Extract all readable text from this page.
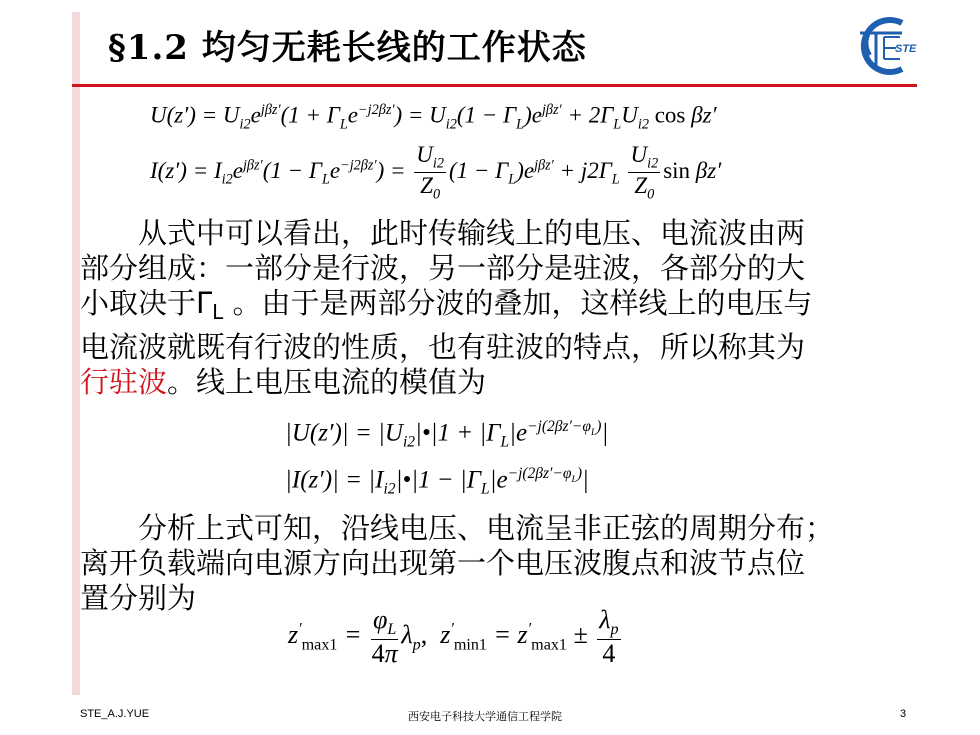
§1.2 均匀无耗长线的工作状态	STE
$U(z') = U_{i2}e^{j\beta z'}(1 + \Gamma_Le^{-j2\beta z'}) = U_{i2}(1 - \Gamma_L)e^{j\beta z'} + 2\Gamma_LU_{i2}$ cos βz′
$I(z') = I_{i2}e^{j\beta z'}(1 - \Gamma_Le^{-j2\beta z'}) = \frac{U_{i2}}{Z_0} (1 - \Gamma_L)e^{j\beta z'} + j2\Gamma_L \frac{U_{i2}}{Z_0}$ sin βz′

从式中可以看出，此时传输线上的电压、电流波由两

部分组成：一部分是行波，另一部分是驻波，各部分的大

小取决于$\Gamma_L$ 。由于是两部分波的叠加，这样线上的电压与

电流波就既有行波的性质，也有驻波的特点，所以称其为

行驻波。线上电压电流的模值为

$|U(z')| = |U_{i2}|•|1 + |\Gamma_L|e^{-j(2\beta z'-\varphi_L)}|$
$|I(z')| = |I_{i2}|•|1 - |\Gamma_L|e^{-j(2\beta z'-\varphi_L)}|$

分析上式可知，沿线电压、电流呈非正弦的周期分布；

离开负载端向电源方向出现第一个电压波腹点和波节点位

置分别为

$z'_{max1} = \frac{\varphi_L}{4\pi} \lambda_p$,  $z'_{min1} = z'_{max1} \pm \frac{\lambda_p}{4}$
STE_A.J.YUE	西安电子科技大学通信工程学院	3
